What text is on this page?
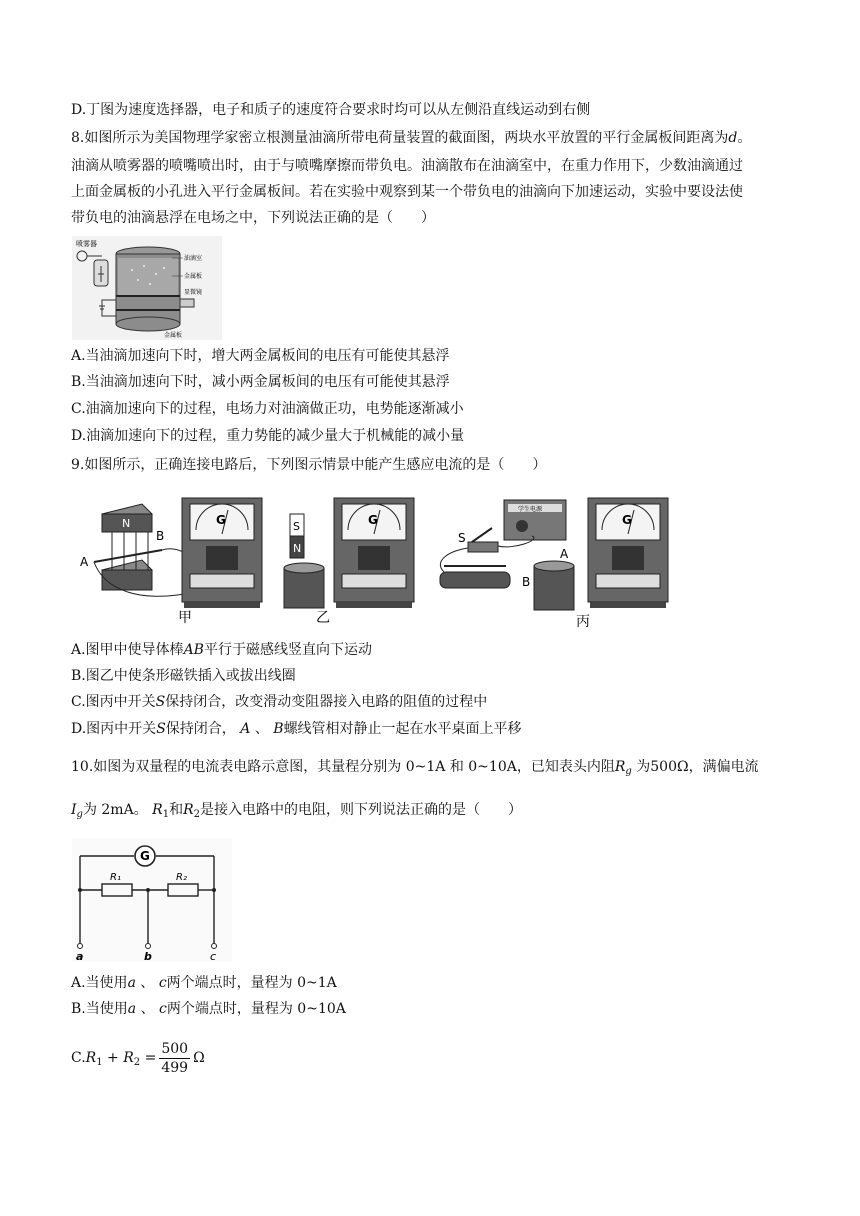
D.丁图为速度选择器，电子和质子的速度符合要求时均可以从左侧沿直线运动到右侧
8.如图所示为美国物理学家密立根测量油滴所带电荷量装置的截面图，两块水平放置的平行金属板间距离为d。
油滴从喷雾器的喷嘴喷出时，由于与喷嘴摩擦而带负电。油滴散布在油滴室中，在重力作用下，少数油滴通过
上面金属板的小孔进入平行金属板间。若在实验中观察到某一个带负电的油滴向下加速运动，实验中要设法使
带负电的油滴悬浮在电场之中，下列说法正确的是（　　）
喷雾器
油滴室
金属板
显微镜
金属板
A.当油滴加速向下时，增大两金属板间的电压有可能使其悬浮
B.当油滴加速向下时，减小两金属板间的电压有可能使其悬浮
C.油滴加速向下的过程，电场力对油滴做正功，电势能逐渐减小
D.油滴加速向下的过程，重力势能的减少量大于机械能的减小量
9.如图所示，正确连接电路后，下列图示情景中能产生感应电流的是（　　）
N
A
B
G	S
N
G
学生电源
S
A
B
G
甲	乙	丙
A.图甲中使导体棒AB平行于磁感线竖直向下运动
B.图乙中使条形磁铁插入或拔出线圈
C.图丙中开关S保持闭合，改变滑动变阻器接入电路的阻值的过程中
D.图丙中开关S保持闭合， A 、 B螺线管相对静止一起在水平桌面上平移
10.如图为双量程的电流表电路示意图，其量程分别为 0~1A 和 0~10A，已知表头内阻$R_g$ 为500Ω，满偏电流
$I_g$为 2mA。 $R_1$和$R_2$是接入电路中的电阻，则下列说法正确的是（　　）
G
R₁	R₂
a	b	c
A.当使用a 、 c两个端点时，量程为 0~1A
B.当使用a 、 c两个端点时，量程为 0~10A
$C.R_1 + R_2 = \frac{500}{499}$ Ω
